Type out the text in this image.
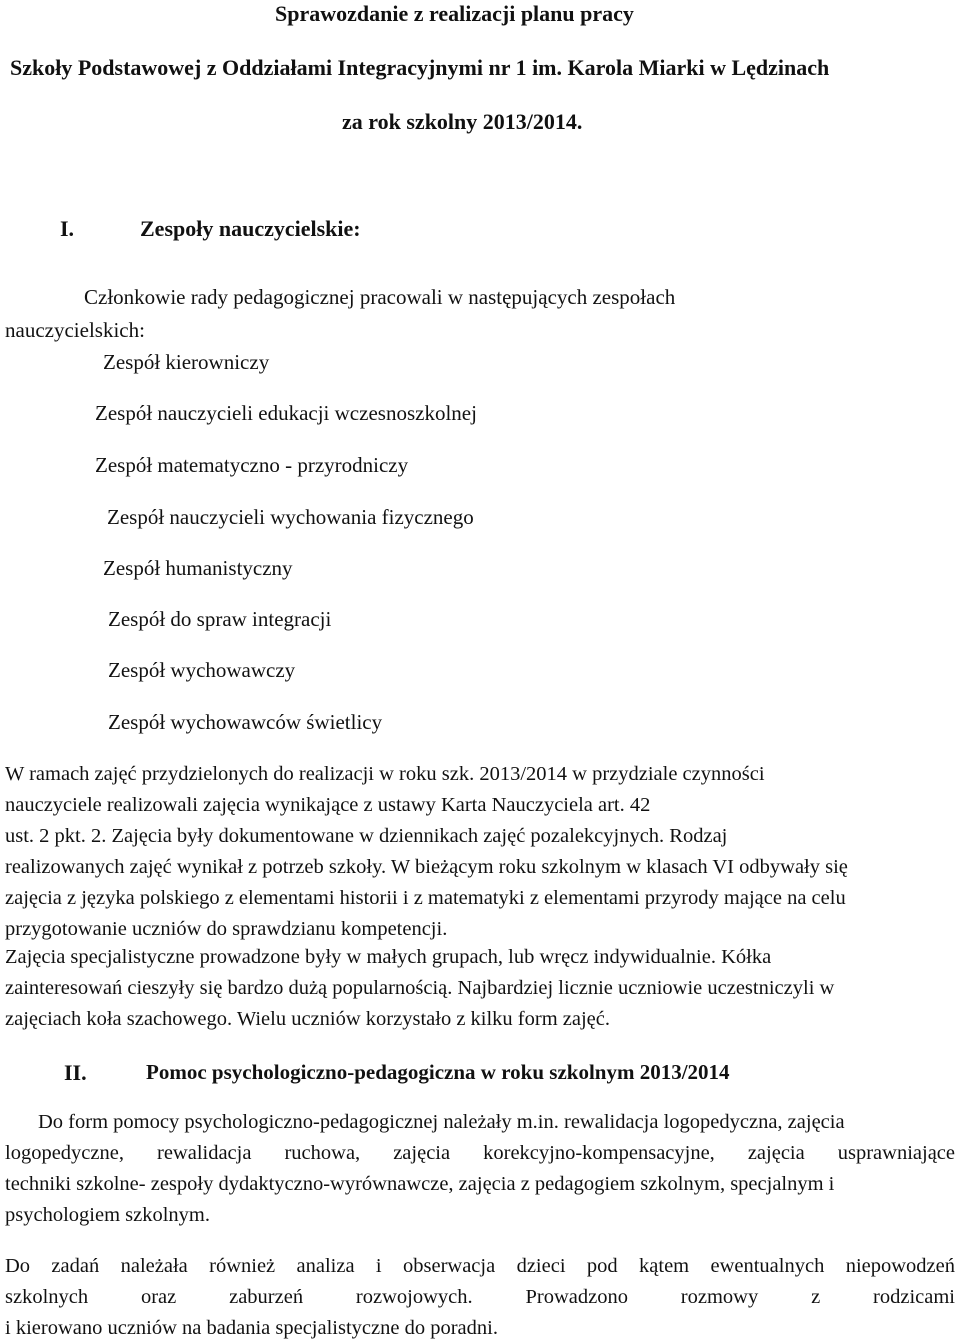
Sprawozdanie z realizacji planu pracy
Szkoły Podstawowej z Oddziałami Integracyjnymi nr 1 im. Karola Miarki w Lędzinach
za rok szkolny 2013/2014.
I.	Zespoły nauczycielskie:
Członkowie rady pedagogicznej pracowali w następujących zespołach
nauczycielskich:
Zespół kierowniczy
Zespół nauczycieli edukacji wczesnoszkolnej
Zespół matematyczno - przyrodniczy
Zespół nauczycieli wychowania fizycznego
Zespół humanistyczny
Zespół do spraw integracji
Zespół wychowawczy
Zespół wychowawców świetlicy
W ramach zajęć przydzielonych do realizacji w roku szk. 2013/2014 w przydziale czynności
nauczyciele realizowali zajęcia wynikające z ustawy Karta Nauczyciela art. 42
ust. 2 pkt. 2. Zajęcia były dokumentowane w dziennikach zajęć pozalekcyjnych. Rodzaj
realizowanych zajęć wynikał z potrzeb szkoły. W bieżącym roku szkolnym w klasach VI odbywały się
zajęcia z języka polskiego z elementami historii i z matematyki z elementami przyrody mające na celu
przygotowanie uczniów do sprawdzianu kompetencji.
Zajęcia specjalistyczne prowadzone były w małych grupach, lub wręcz indywidualnie. Kółka
zainteresowań cieszyły się bardzo dużą popularnością. Najbardziej licznie uczniowie uczestniczyli w
zajęciach koła szachowego. Wielu uczniów korzystało z kilku form zajęć.
II.	Pomoc psychologiczno-pedagogiczna w roku szkolnym 2013/2014
Do form pomocy psychologiczno-pedagogicznej należały m.in. rewalidacja logopedyczna, zajęcia
logopedyczne, rewalidacja ruchowa, zajęcia korekcyjno-kompensacyjne, zajęcia usprawniające
techniki szkolne- zespoły dydaktyczno-wyrównawcze, zajęcia z pedagogiem szkolnym, specjalnym i
psychologiem szkolnym.
Do zadań należała również analiza i obserwacja dzieci pod kątem ewentualnych niepowodzeń
szkolnych oraz zaburzeń rozwojowych. Prowadzono rozmowy z rodzicami
i kierowano uczniów na badania specjalistyczne do poradni.
